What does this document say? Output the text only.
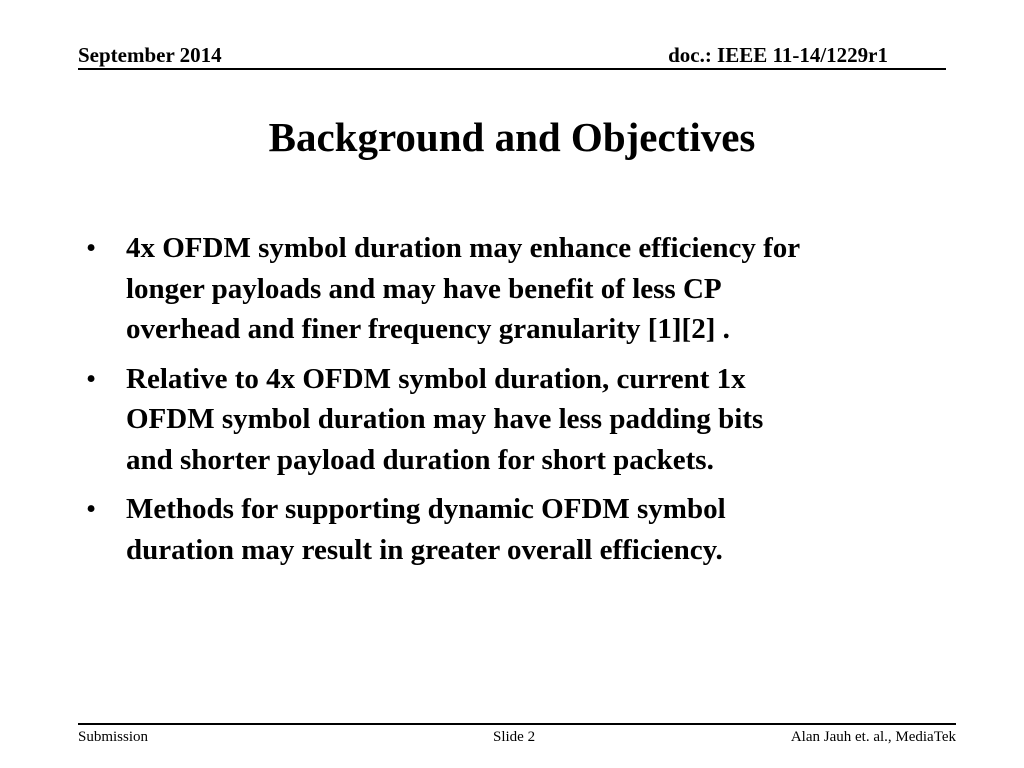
September 2014	doc.: IEEE 11-14/1229r1
Background and Objectives
• 4x OFDM symbol duration may enhance efficiency for
longer payloads and may have benefit of less CP
overhead and finer frequency granularity [1][2] .
• Relative to 4x OFDM symbol duration, current 1x
OFDM symbol duration may have less padding bits
and shorter payload duration for short packets.
• Methods for supporting dynamic OFDM symbol
duration may result in greater overall efficiency.
Submission	Slide 2	Alan Jauh et. al., MediaTek
